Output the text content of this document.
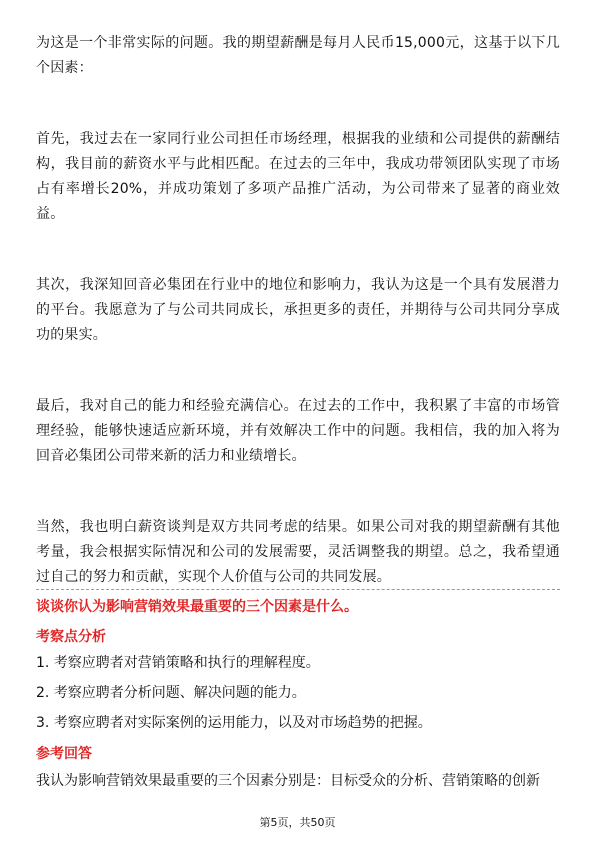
为这是一个非常实际的问题。我的期望薪酬是每月人民币15,000元，这基于以下几个因素：

首先，我过去在一家同行业公司担任市场经理，根据我的业绩和公司提供的薪酬结构，我目前的薪资水平与此相匹配。在过去的三年中，我成功带领团队实现了市场占有率增长20%，并成功策划了多项产品推广活动，为公司带来了显著的商业效益。

其次，我深知回音必集团在行业中的地位和影响力，我认为这是一个具有发展潜力的平台。我愿意为了与公司共同成长，承担更多的责任，并期待与公司共同分享成功的果实。

最后，我对自己的能力和经验充满信心。在过去的工作中，我积累了丰富的市场管理经验，能够快速适应新环境，并有效解决工作中的问题。我相信，我的加入将为回音必集团公司带来新的活力和业绩增长。

当然，我也明白薪资谈判是双方共同考虑的结果。如果公司对我的期望薪酬有其他考量，我会根据实际情况和公司的发展需要，灵活调整我的期望。总之，我希望通过自己的努力和贡献，实现个人价值与公司的共同发展。

谈谈你认为影响营销效果最重要的三个因素是什么。

考察点分析

1. 考察应聘者对营销策略和执行的理解程度。
2. 考察应聘者分析问题、解决问题的能力。
3. 考察应聘者对实际案例的运用能力，以及对市场趋势的把握。

参考回答

我认为影响营销效果最重要的三个因素分别是：目标受众的分析、营销策略的创新

第5页，共50页
